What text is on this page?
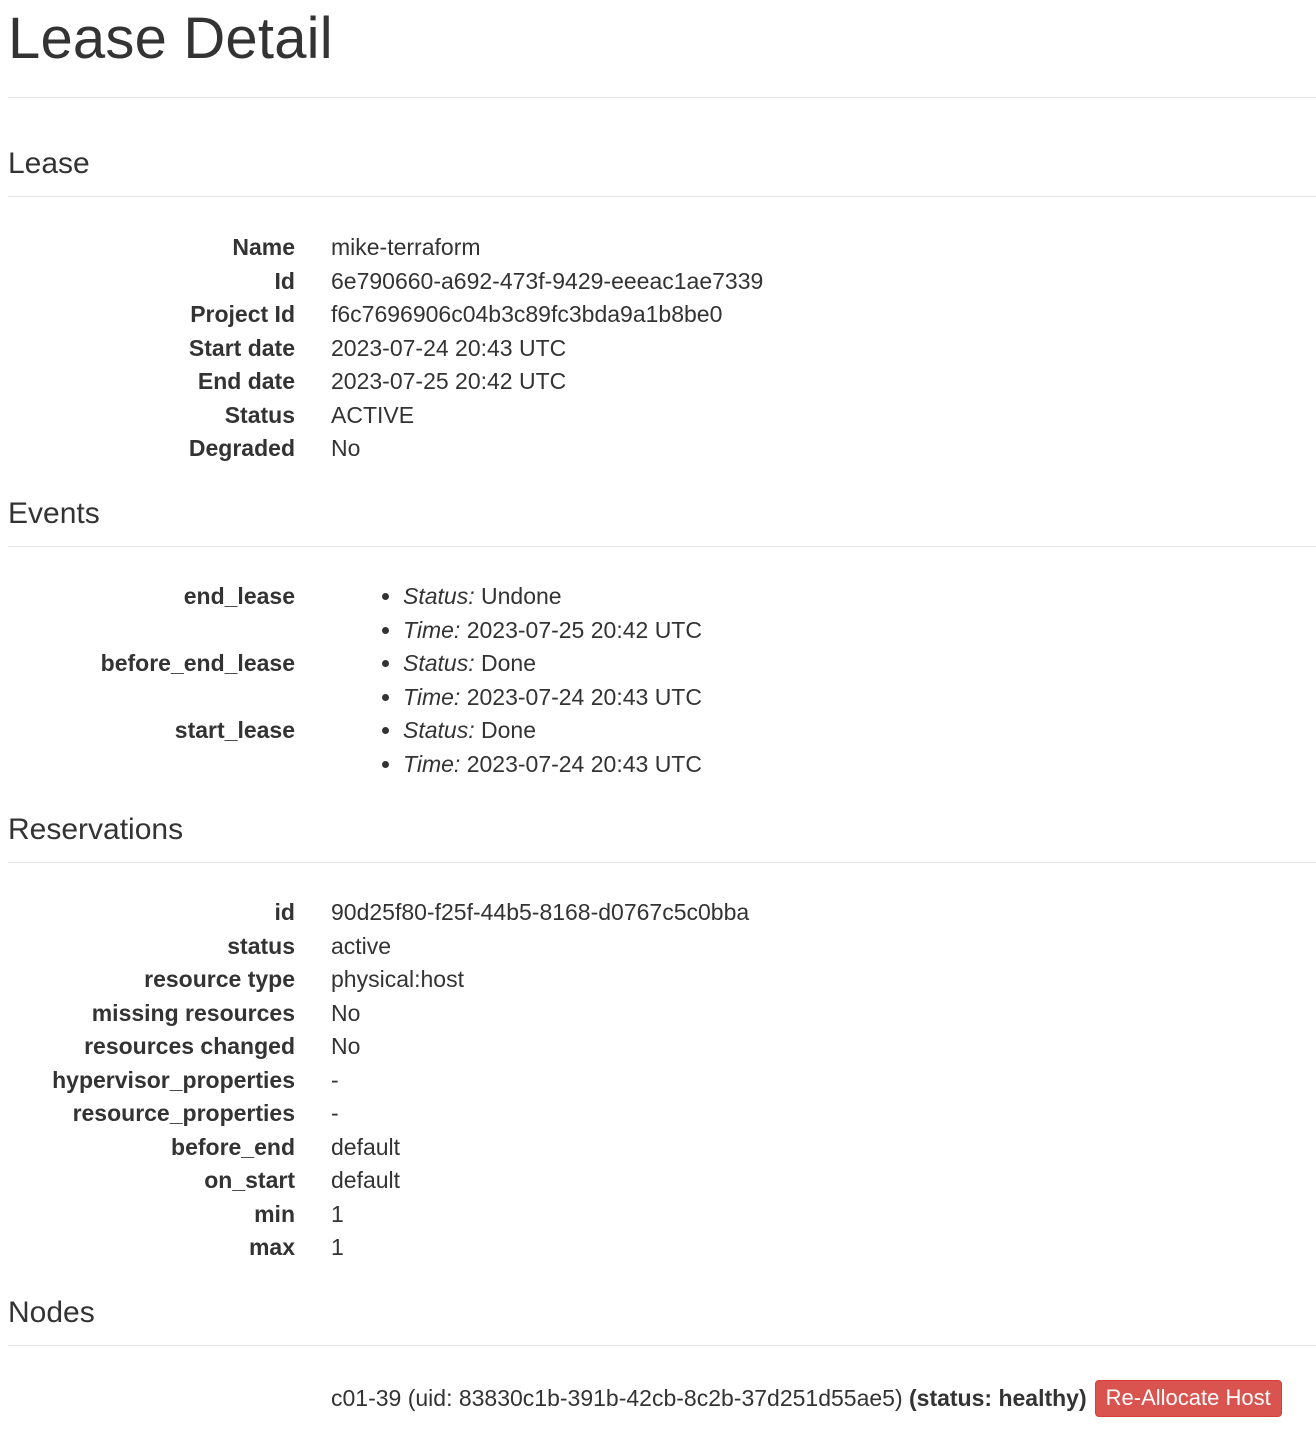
Lease Detail
Lease
Name mike-terraform
Id 6e790660-a692-473f-9429-eeeac1ae7339
Project Id f6c7696906c04b3c89fc3bda9a1b8be0
Start date 2023-07-24 20:43 UTC
End date 2023-07-25 20:42 UTC
Status ACTIVE
Degraded No
Events
end_lease	• Status: Undone
• Time: 2023-07-25 20:42 UTC
before_end_lease	• Status: Done
• Time: 2023-07-24 20:43 UTC
start_lease	• Status: Done
• Time: 2023-07-24 20:43 UTC
Reservations
id 90d25f80-f25f-44b5-8168-d0767c5c0bba
status active
resource type physical:host
missing resources No
resources changed No
hypervisor_properties -
resource_properties -
before_end default
on_start default
min 1
max 1
Nodes
c01-39 (uid: 83830c1b-391b-42cb-8c2b-37d251d55ae5)
(status: healthy) Re-Allocate Host
